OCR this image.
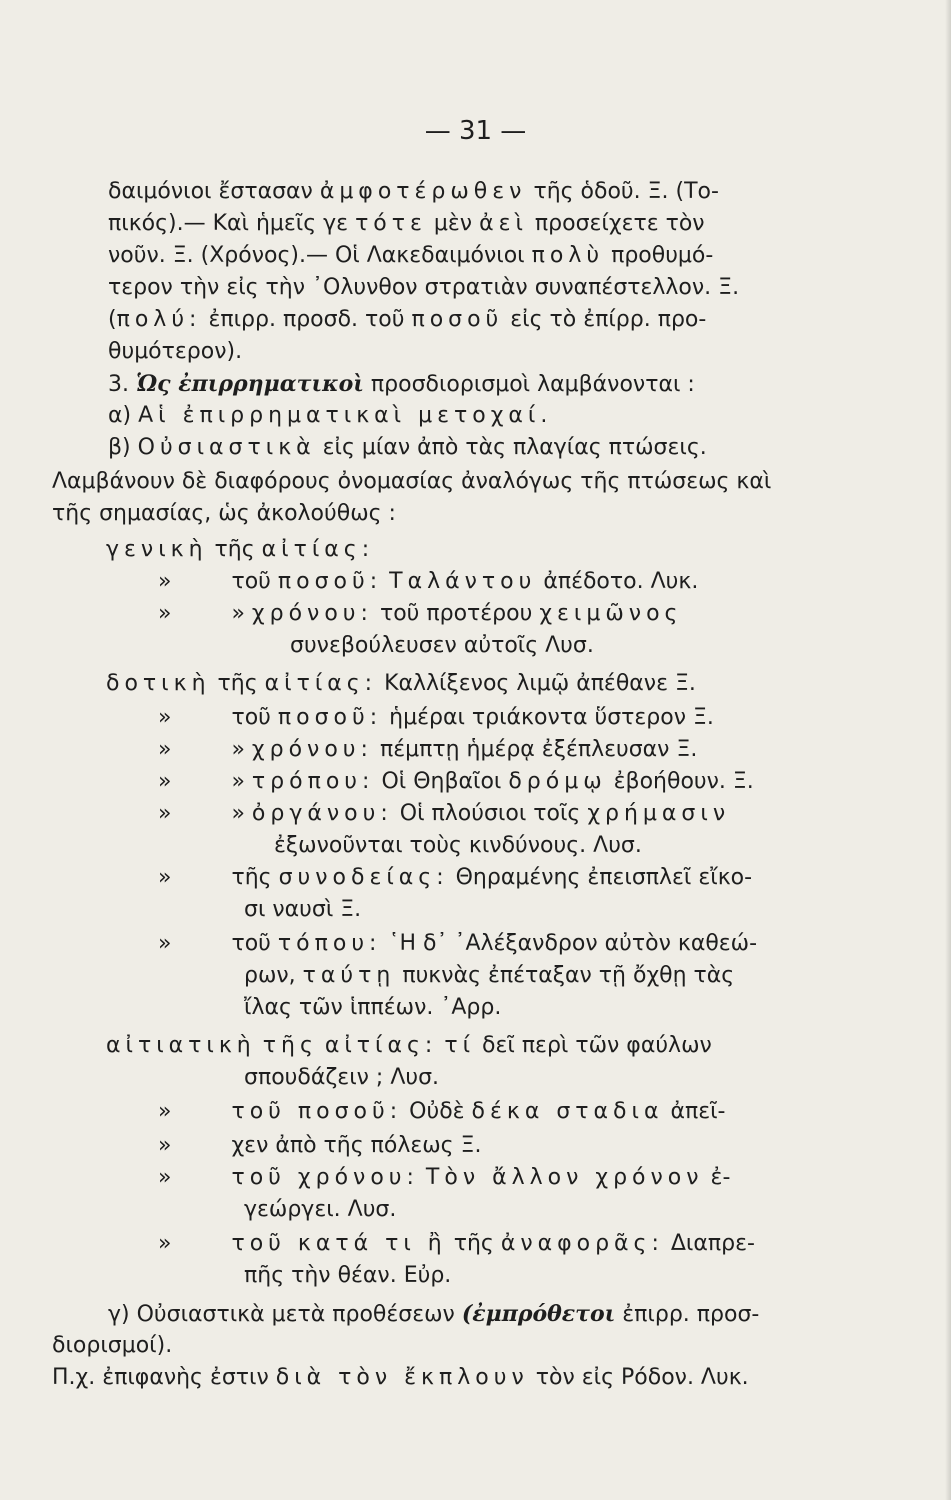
— 31 —
δαιμόνιοι ἔστασαν ἀμφοτέρωθεν τῆς ὁδοῦ. Ξ. (Το-
πικός).— Καὶ ἡμεῖς γε τότε μὲν ἀεὶ προσείχετε τὸν
νοῦν. Ξ. (Χρόνος).— Οἱ Λακεδαιμόνιοι πολὺ προθυμό-
τερον τὴν εἰς τὴν ᾿Ολυνθον στρατιὰν συναπέστελλον. Ξ.
(πολύ: ἐπιρρ. προσδ. τοῦ ποσοῦ εἰς τὸ ἐπίρρ. προ-
θυμότερον).
3. Ὡς ἐπιρρηματικοὶ προσδιορισμοὶ λαμβάνονται :
α) Αἱ ἐπιρρηματικαὶ μετοχαί.
β) Οὐσιαστικὰ εἰς μίαν ἀπὸ τὰς πλαγίας πτώσεις.
Λαμβάνουν δὲ διαφόρους ὀνομασίας ἀναλόγως τῆς πτώσεως καὶ
τῆς σημασίας, ὡς ἀκολούθως :
γενικὴ τῆς αἰτίας:
»	τοῦ ποσοῦ: Ταλάντου ἀπέδοτο. Λυκ.
»	» χρόνου: τοῦ προτέρου χειμῶνος
συνεβούλευσεν αὐτοῖς Λυσ.
δοτικὴ τῆς αἰτίας: Καλλίξενος λιμῷ ἀπέθανε Ξ.
»	τοῦ ποσοῦ: ἡμέραι τριάκοντα ὕστερον Ξ.
»	» χρόνου: πέμπτῃ ἡμέρᾳ ἐξέπλευσαν Ξ.
»	» τρόπου: Οἱ Θηβαῖοι δρόμῳ ἐβοήθουν. Ξ.
»	» ὀργάνου: Οἱ πλούσιοι τοῖς χρήμασιν
ἐξωνοῦνται τοὺς κινδύνους. Λυσ.
»	τῆς συνοδείας: Θηραμένης ἐπεισπλεῖ εἴκο-
σι ναυσὶ Ξ.
»	τοῦ τόπου: ῾Η δ᾿ ᾿Αλέξανδρον αὐτὸν καθεώ-
ρων, ταύτῃ πυκνὰς ἐπέταξαν τῇ ὄχθῃ τὰς
ἴλας τῶν ἱππέων. ᾿Αρρ.
αἰτιατικὴ τῆς αἰτίας: τί δεῖ περὶ τῶν φαύλων
σπουδάζειν ; Λυσ.
»	τοῦ ποσοῦ: Οὐδὲ δέκα σταδια ἀπεῖ-
»	χεν ἀπὸ τῆς πόλεως Ξ.
»	τοῦ χρόνου: Τὸν ἄλλον χρόνον ἐ-
γεώργει. Λυσ.
»	τοῦ κατά τι ἢ τῆς ἀναφορᾶς: Διαπρε-
πῆς τὴν θέαν. Εὐρ.
γ) Οὐσιαστικὰ μετὰ προθέσεων (ἐμπρόθετοι ἐπιρρ. προσ-
διορισμοί).
Π.χ. ἐπιφανὴς ἐστιν διὰ τὸν ἔκπλουν τὸν εἰς Ρόδον. Λυκ.
